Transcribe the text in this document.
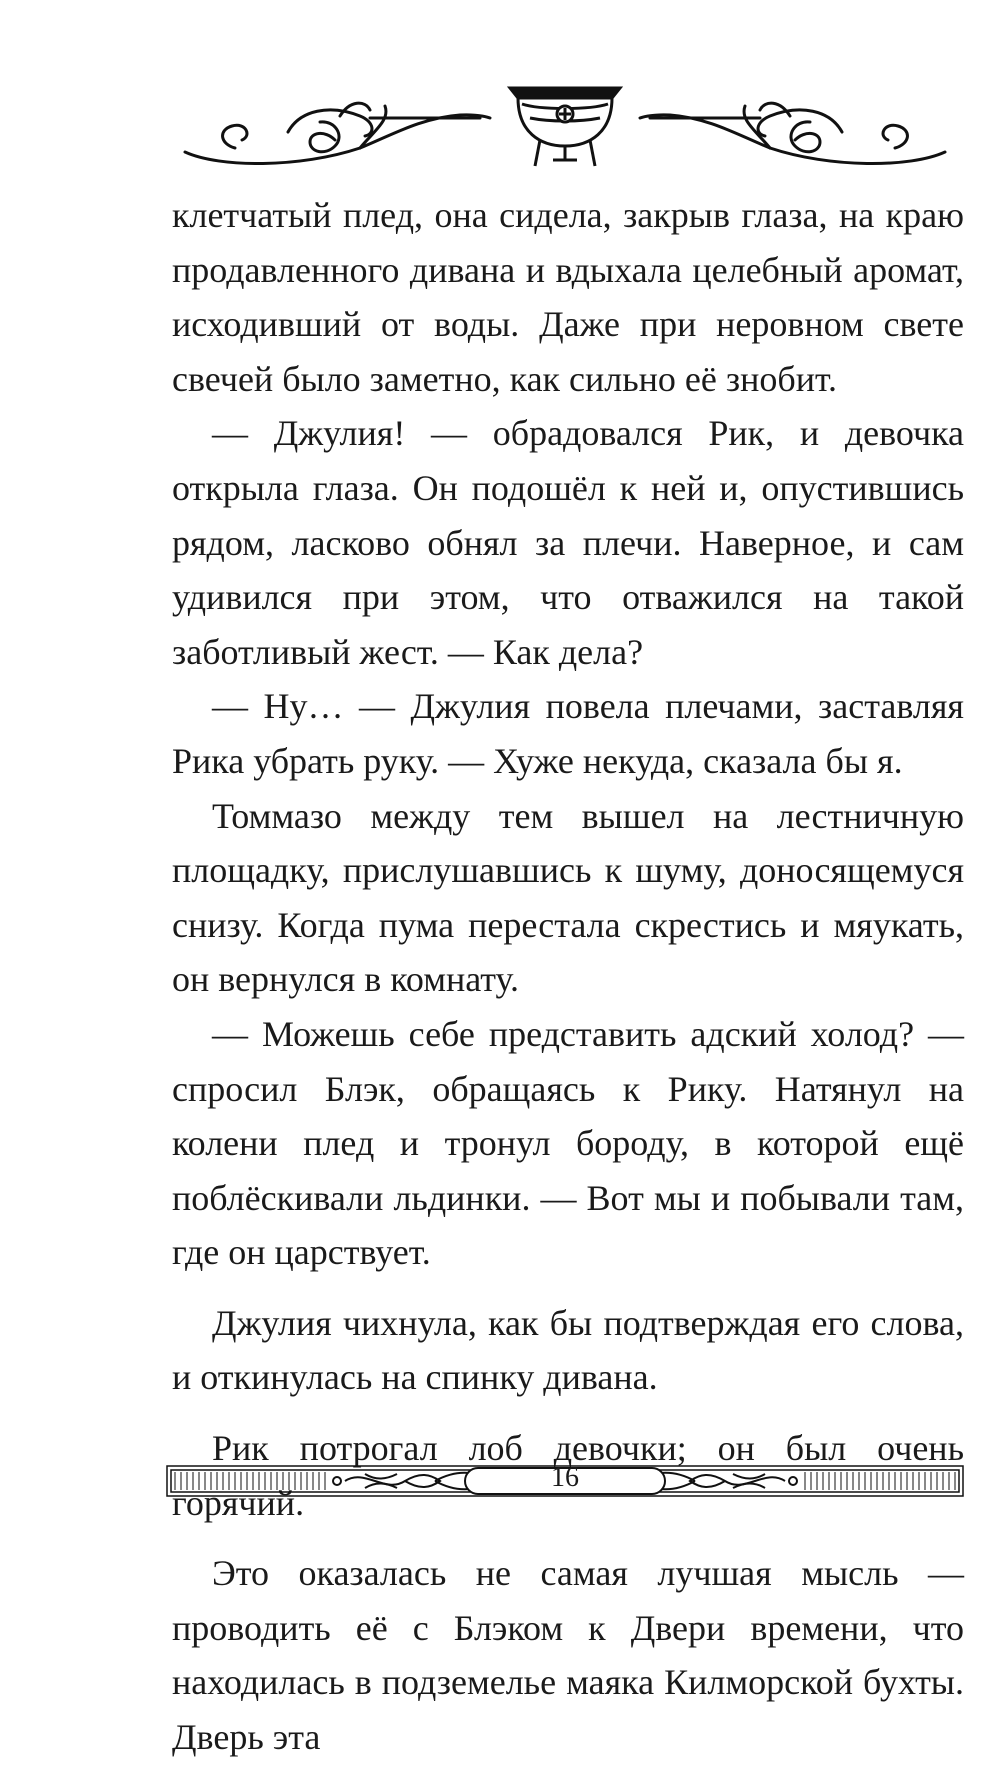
клетчатый плед, она сидела, закрыв глаза, на краю продавленного дивана и вдыхала целебный аромат, исходивший от воды. Даже при неровном свете свечей было заметно, как сильно её знобит.

— Джулия! — обрадовался Рик, и девочка открыла глаза. Он подошёл к ней и, опустившись рядом, ласково обнял за плечи. Наверное, и сам удивился при этом, что отважился на такой заботливый жест. — Как дела?

— Ну… — Джулия повела плечами, заставляя Рика убрать руку. — Хуже некуда, сказала бы я.

Томмазо между тем вышел на лестничную площадку, прислушавшись к шуму, доносящемуся снизу. Когда пума перестала скрестись и мяукать, он вернулся в комнату.

— Можешь себе представить адский холод? — спросил Блэк, обращаясь к Рику. Натянул на колени плед и тронул бороду, в которой ещё поблёскивали льдинки. — Вот мы и побывали там, где он царствует.

Джулия чихнула, как бы подтверждая его слова, и откинулась на спинку дивана.

Рик потрогал лоб девочки; он был очень горячий.

Это оказалась не самая лучшая мысль — проводить её с Блэком к Двери времени, что находилась в подземелье маяка Килморской бухты. Дверь эта

16
